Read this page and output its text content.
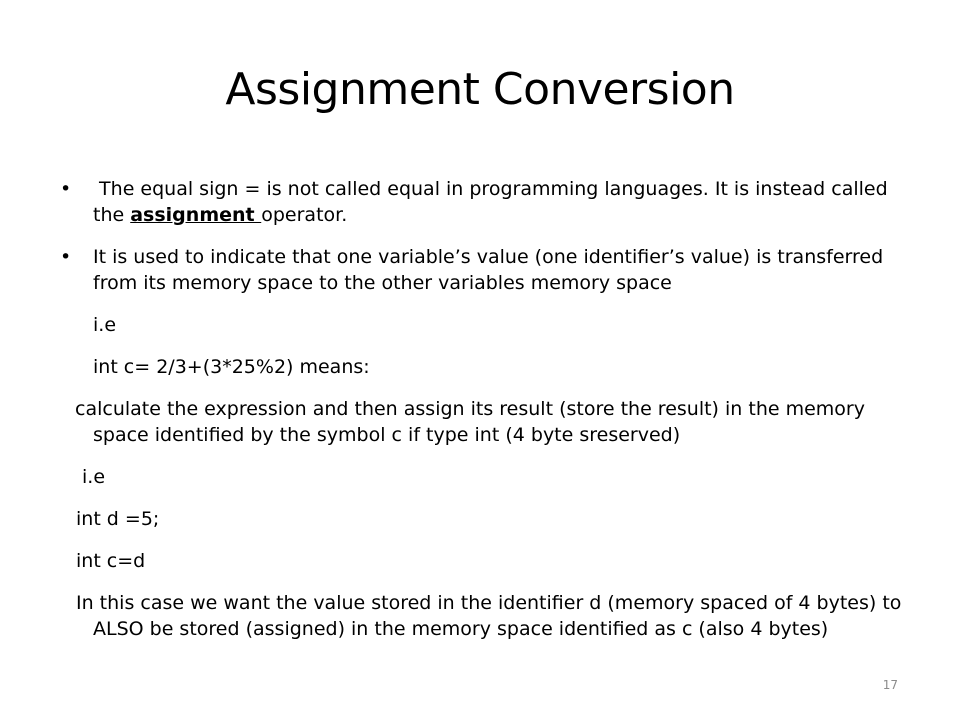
Assignment Conversion

• The equal sign = is not called equal in programming languages. It is instead called the assignment operator.

• It is used to indicate that one variable’s value (one identifier’s value) is transferred from its memory space to the other variables memory space

i.e

int c= 2/3+(3*25%2) means:

calculate the expression and then assign its result (store the result) in the memory space identified by the symbol c if type int (4 byte sreserved)

i.e

int d =5;

int c=d

In this case we want the value stored in the identifier d (memory spaced of 4 bytes) to ALSO be stored (assigned) in the memory space identified as c (also 4 bytes)

17
